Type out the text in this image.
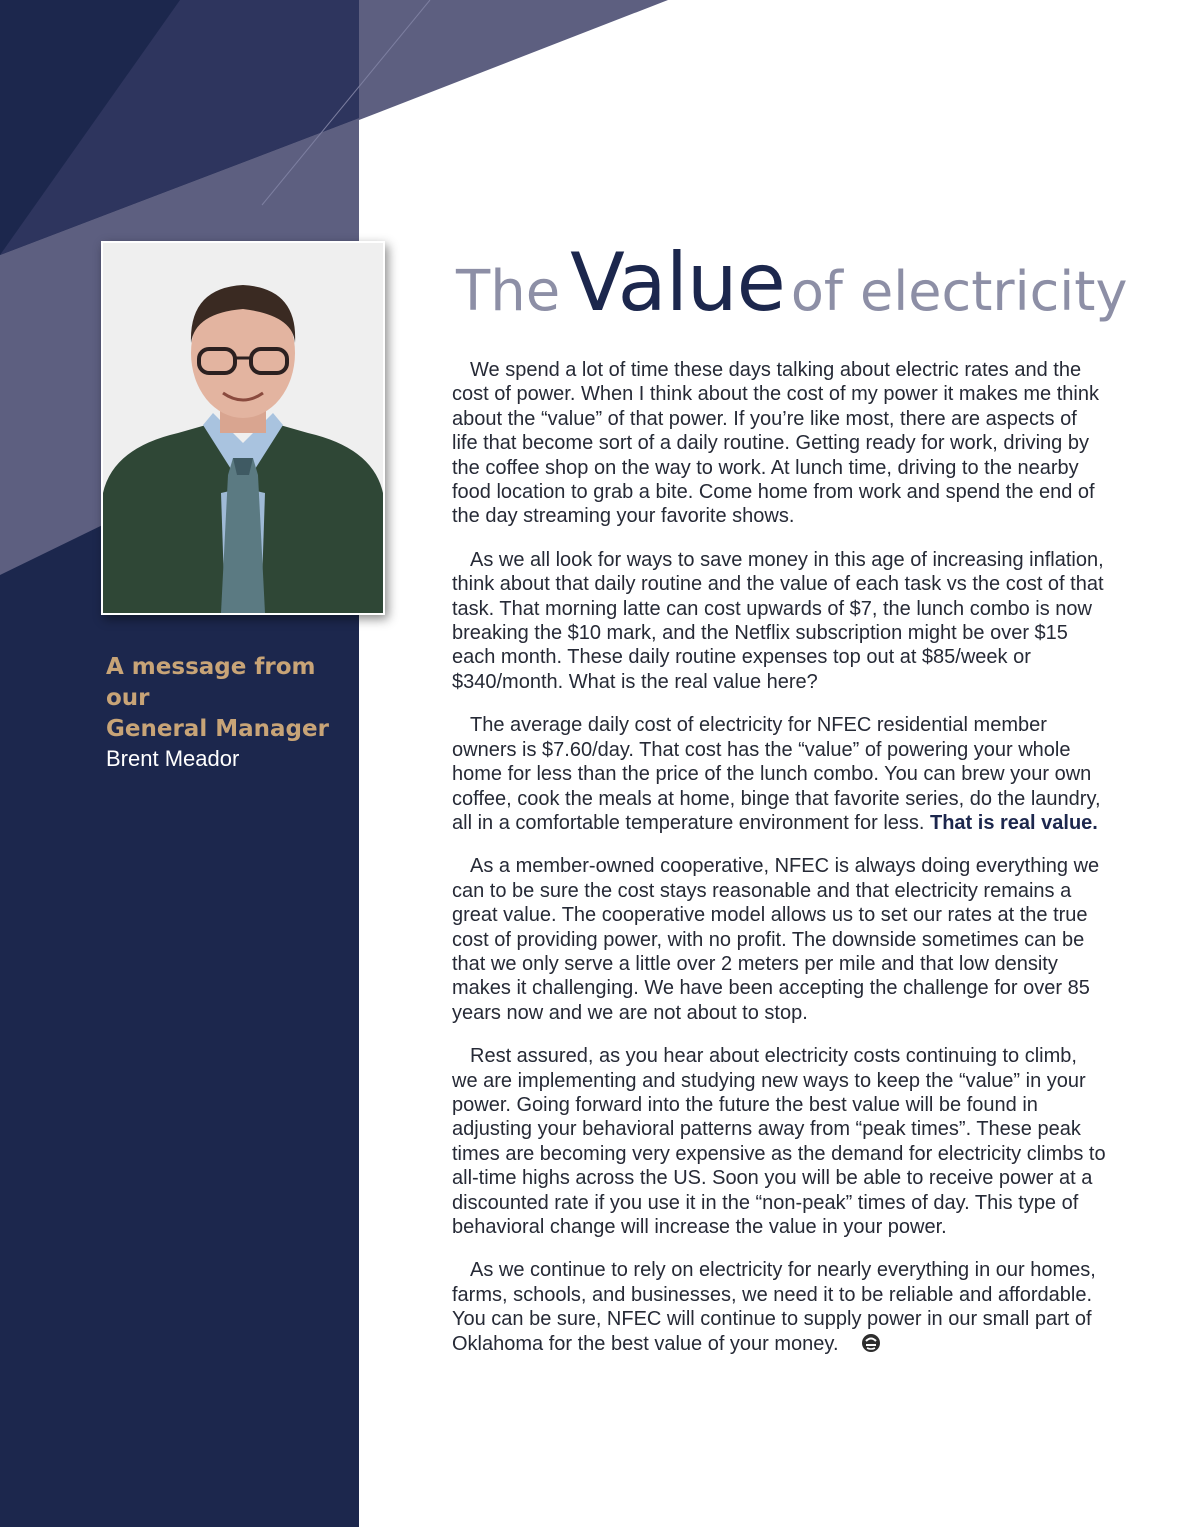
A message from our
General Manager
Brent Meador
The Value of electricity

We spend a lot of time these days talking about electric rates and the cost of power. When I think about the cost of my power it makes me think about the “value” of that power. If you’re like most, there are aspects of life that become sort of a daily routine. Getting ready for work, driving by the coffee shop on the way to work. At lunch time, driving to the nearby food location to grab a bite. Come home from work and spend the end of the day streaming your favorite shows.

As we all look for ways to save money in this age of increasing inflation, think about that daily routine and the value of each task vs the cost of that task. That morning latte can cost upwards of $7, the lunch combo is now breaking the $10 mark, and the Netflix subscription might be over $15 each month. These daily routine expenses top out at $85/week or $340/month. What is the real value here?

The average daily cost of electricity for NFEC residential member owners is $7.60/day. That cost has the “value” of powering your whole home for less than the price of the lunch combo. You can brew your own coffee, cook the meals at home, binge that favorite series, do the laundry, all in a comfortable temperature environment for less. That is real value.

As a member-owned cooperative, NFEC is always doing everything we can to be sure the cost stays reasonable and that electricity remains a great value. The cooperative model allows us to set our rates at the true cost of providing power, with no profit. The downside sometimes can be that we only serve a little over 2 meters per mile and that low density makes it challenging. We have been accepting the challenge for over 85 years now and we are not about to stop.

Rest assured, as you hear about electricity costs continuing to climb, we are implementing and studying new ways to keep the “value” in your power. Going forward into the future the best value will be found in adjusting your behavioral patterns away from “peak times”. These peak times are becoming very expensive as the demand for electricity climbs to all-time highs across the US. Soon you will be able to receive power at a discounted rate if you use it in the “non-peak” times of day. This type of behavioral change will increase the value in your power.

As we continue to rely on electricity for nearly everything in our homes, farms, schools, and businesses, we need it to be reliable and affordable. You can be sure, NFEC will continue to supply power in our small part of Oklahoma for the best value of your money.
